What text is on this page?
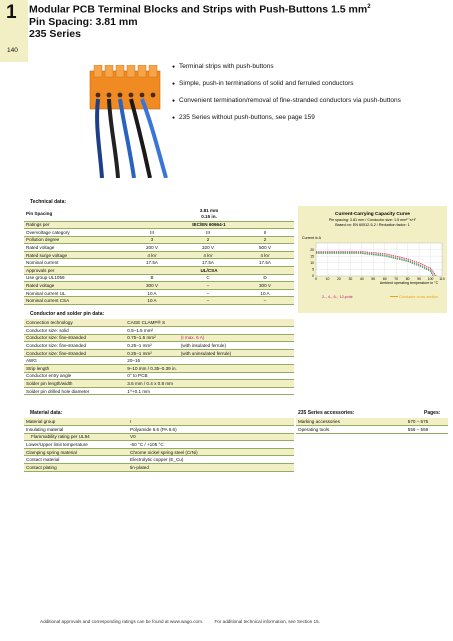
1
140
Modular PCB Terminal Blocks and Strips with Push-Buttons 1.5 $mm^2$
Pin Spacing: 3.81 mm
235 Series
● Terminal strips with push-buttons
● Simple, push-in terminations of solid and ferruled conductors
● Convenient termination/removal of fine-stranded conductors via push-buttons
● 235 Series without push-buttons, see page 159
Technical data:
Pin Spacing	3.81 mm
0.15 in.		

Ratings per	IEC/EN 60664-1		
Overvoltage category	III	III	II
Pollution degree	3	2	2
Rated voltage	200 V	320 V	500 V
Rated surge voltage	4 kV	4 kV	4 kV
Nominal current	17.5A	17.5A	17.5A
Approvals per	UL/CSA		
Use group UL1059	B	C	D
Rated voltage	300 V	–	300 V
Nominal current UL	10 A	–	10 A
Nominal current CSA	10 A	–	–
Current-Carrying Capacity Curve
Pin spacing: 3.81 mm / Conductor size: 1.5 mm² "s+f"
Based on: EN 60512-5-2 / Reduction factor: 1
Current in A
Ambient operating temperature in °C
2-, 4-, 6-, 12-pole	Conductor cross-section
0	10 20 30 40 50 60 70 80 90 100 110
0
5
10
15
20
Conductor and solder pin data:
Connection technology	CAGE CLAMP® S	
Conductor size: solid	0.5–1.5 mm²	
Conductor size: fine-stranded	0.75–1.5 mm²	(I max. 6 A)
Conductor size: fine-stranded	0.25–1 mm²	(with insulated ferrule)
Conductor size: fine-stranded	0.25–1 mm²	(with uninsulated ferrule)
AWG	20–16	
Strip length	9–10 mm / 0.35–0.39 in.	
Conductor entry angle	0° to PCB	
Solder pin length/width	3.6 mm / 0.4 x 0.8 mm	
Solder pin drilled hole diameter	1^+0.1 mm	
Material data:
Material group	I
Insulating material	Polyamide 6.6 (PA 6.6)
Flammability rating per UL94	V0
Lower/Upper limit temperature	-60 °C / +105 °C
Clamping spring material	Chrome nickel spring steel (CrNi)
Contact material	Electrolytic copper (E_Cu)
Contact plating	tin-plated
235 Series accessories:	Pages:
Marking accessories	570 – 575
Operating tools	556 – 559
Additional approvals and corresponding ratings can be found at www.wago.com. For additional technical information, see Section 15.
